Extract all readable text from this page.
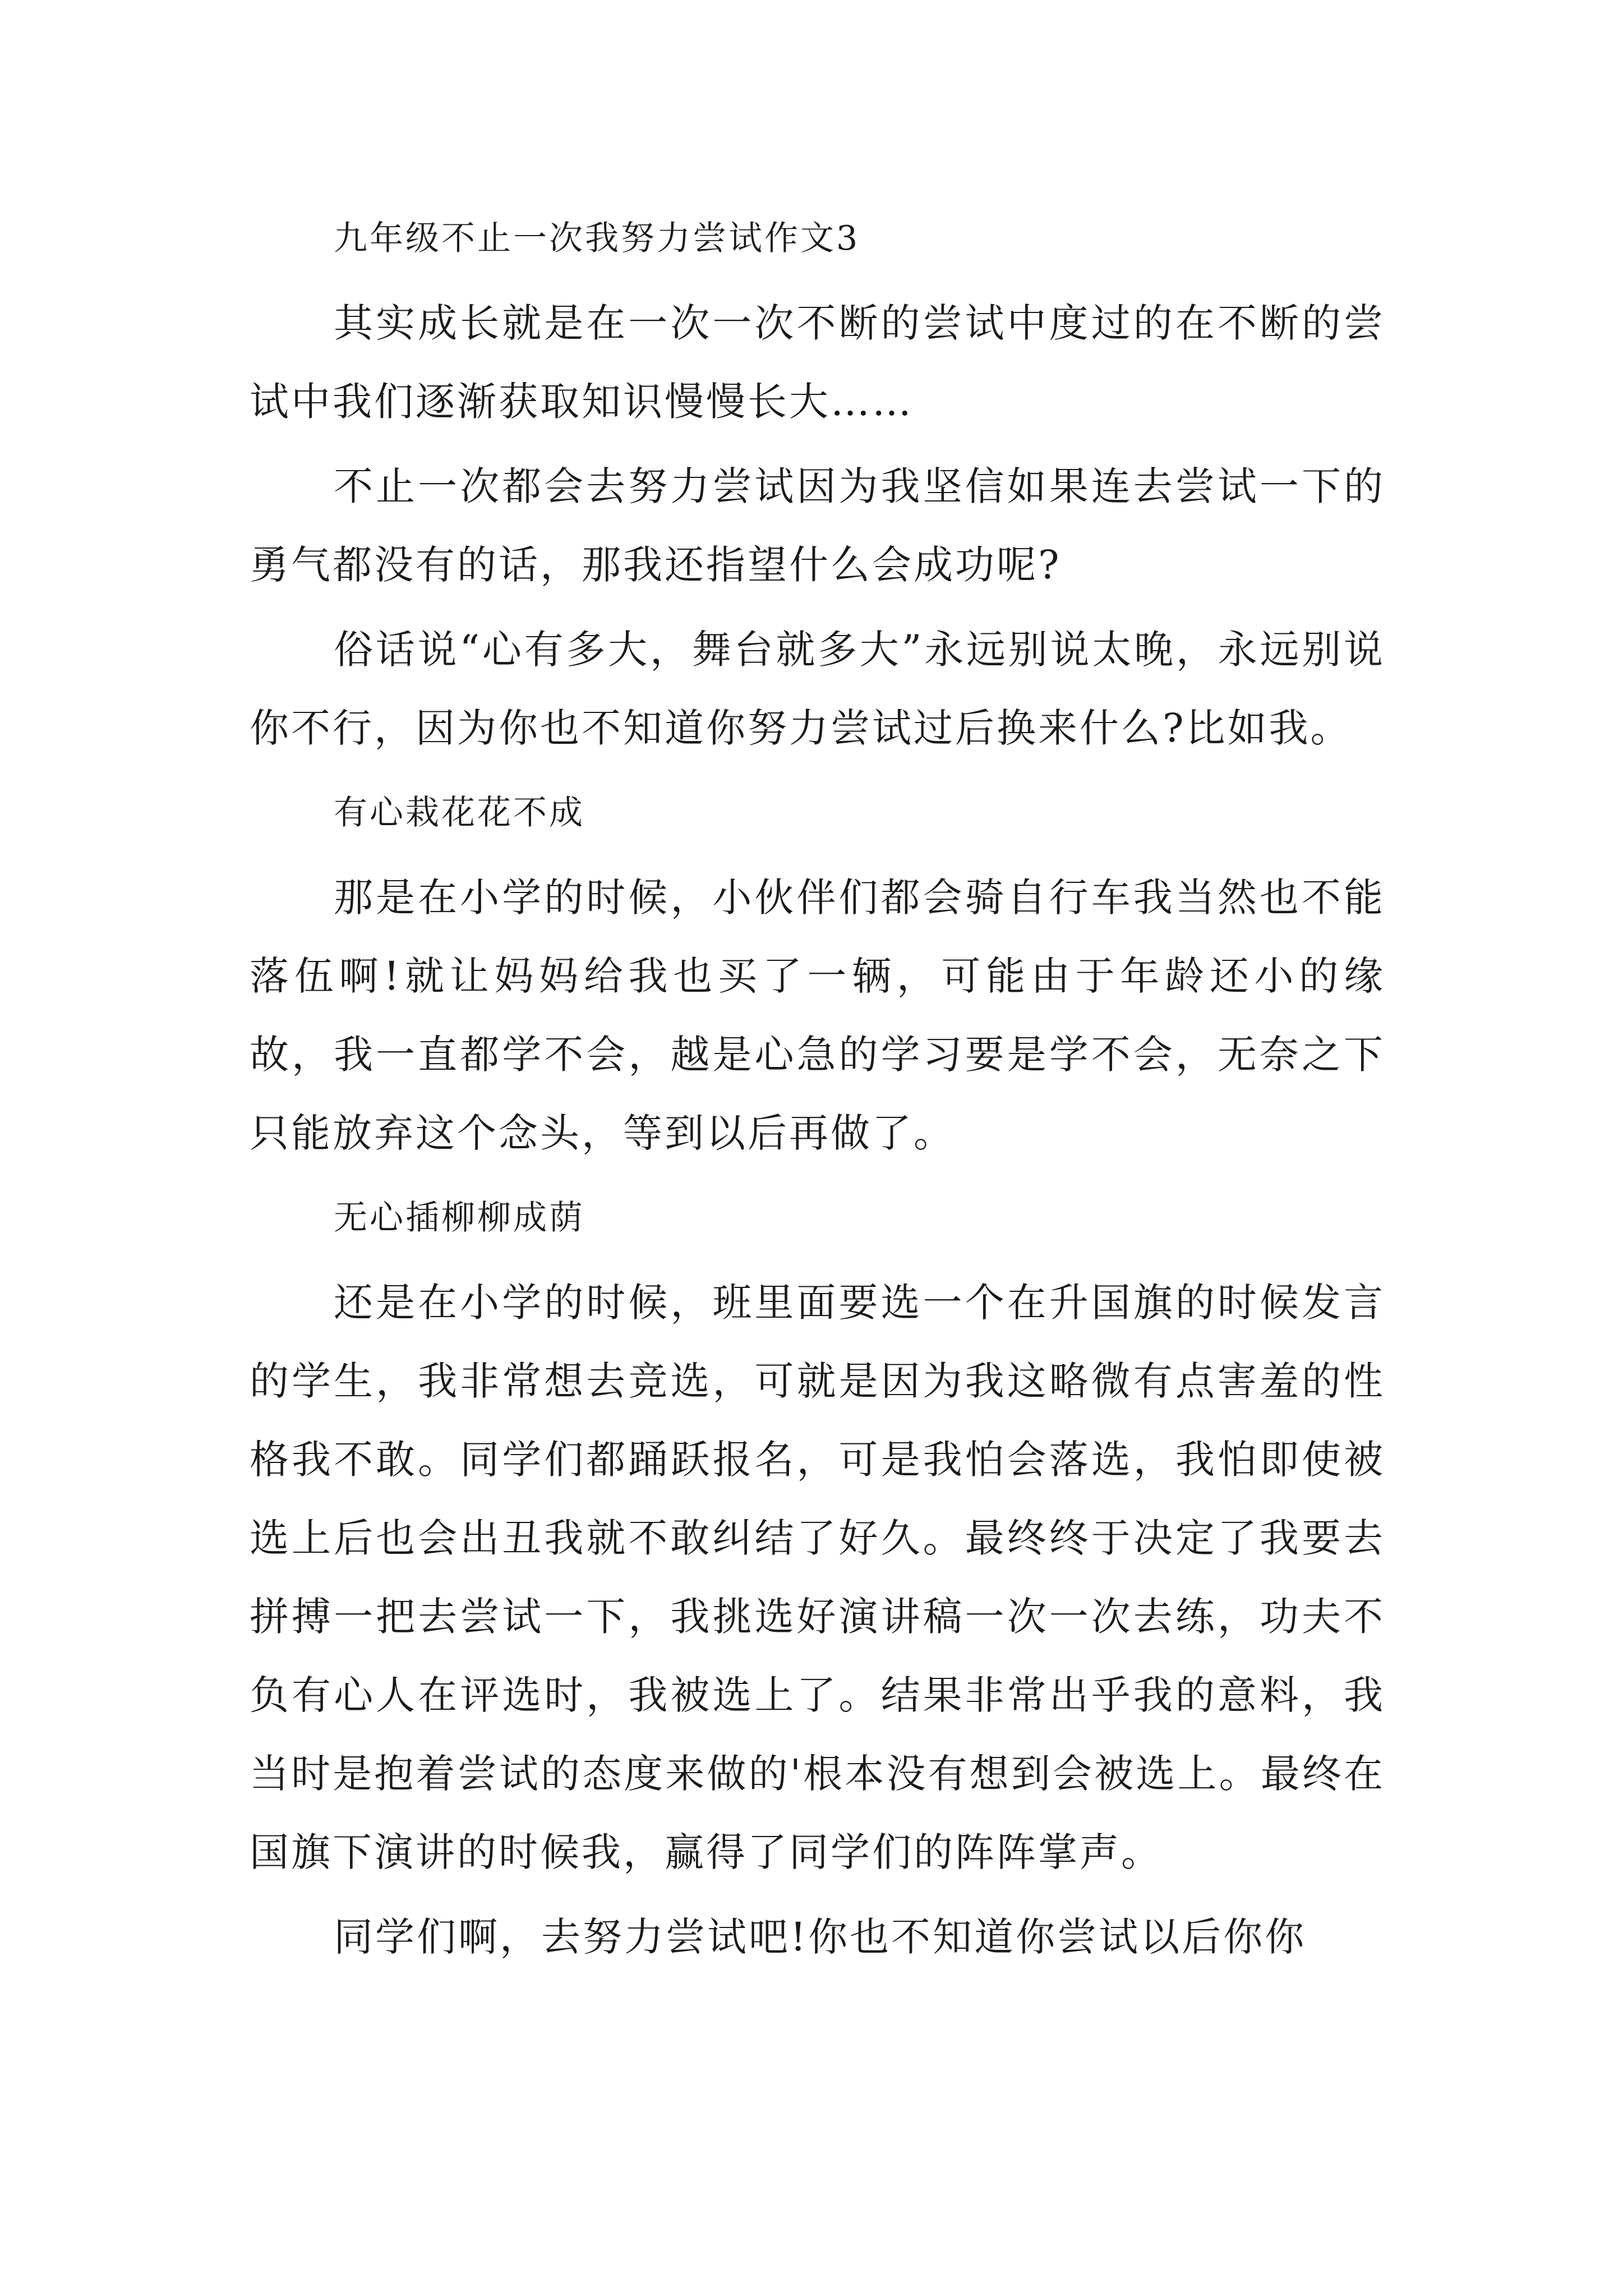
九年级不止一次我努力尝试作文3

其实成长就是在一次一次不断的尝试中度过的在不断的尝试中我们逐渐获取知识慢慢长大……

不止一次都会去努力尝试因为我坚信如果连去尝试一下的勇气都没有的话，那我还指望什么会成功呢?

俗话说“心有多大，舞台就多大”永远别说太晚，永远别说你不行，因为你也不知道你努力尝试过后换来什么?比如我。

有心栽花花不成

那是在小学的时候，小伙伴们都会骑自行车我当然也不能落伍啊!就让妈妈给我也买了一辆，可能由于年龄还小的缘故，我一直都学不会，越是心急的学习要是学不会，无奈之下只能放弃这个念头，等到以后再做了。

无心插柳柳成荫

还是在小学的时候，班里面要选一个在升国旗的时候发言的学生，我非常想去竞选，可就是因为我这略微有点害羞的性格我不敢。同学们都踊跃报名，可是我怕会落选，我怕即使被选上后也会出丑我就不敢纠结了好久。最终终于决定了我要去拼搏一把去尝试一下，我挑选好演讲稿一次一次去练，功夫不负有心人在评选时，我被选上了。结果非常出乎我的意料，我当时是抱着尝试的态度来做的'根本没有想到会被选上。最终在国旗下演讲的时候我，赢得了同学们的阵阵掌声。

同学们啊，去努力尝试吧!你也不知道你尝试以后你你
